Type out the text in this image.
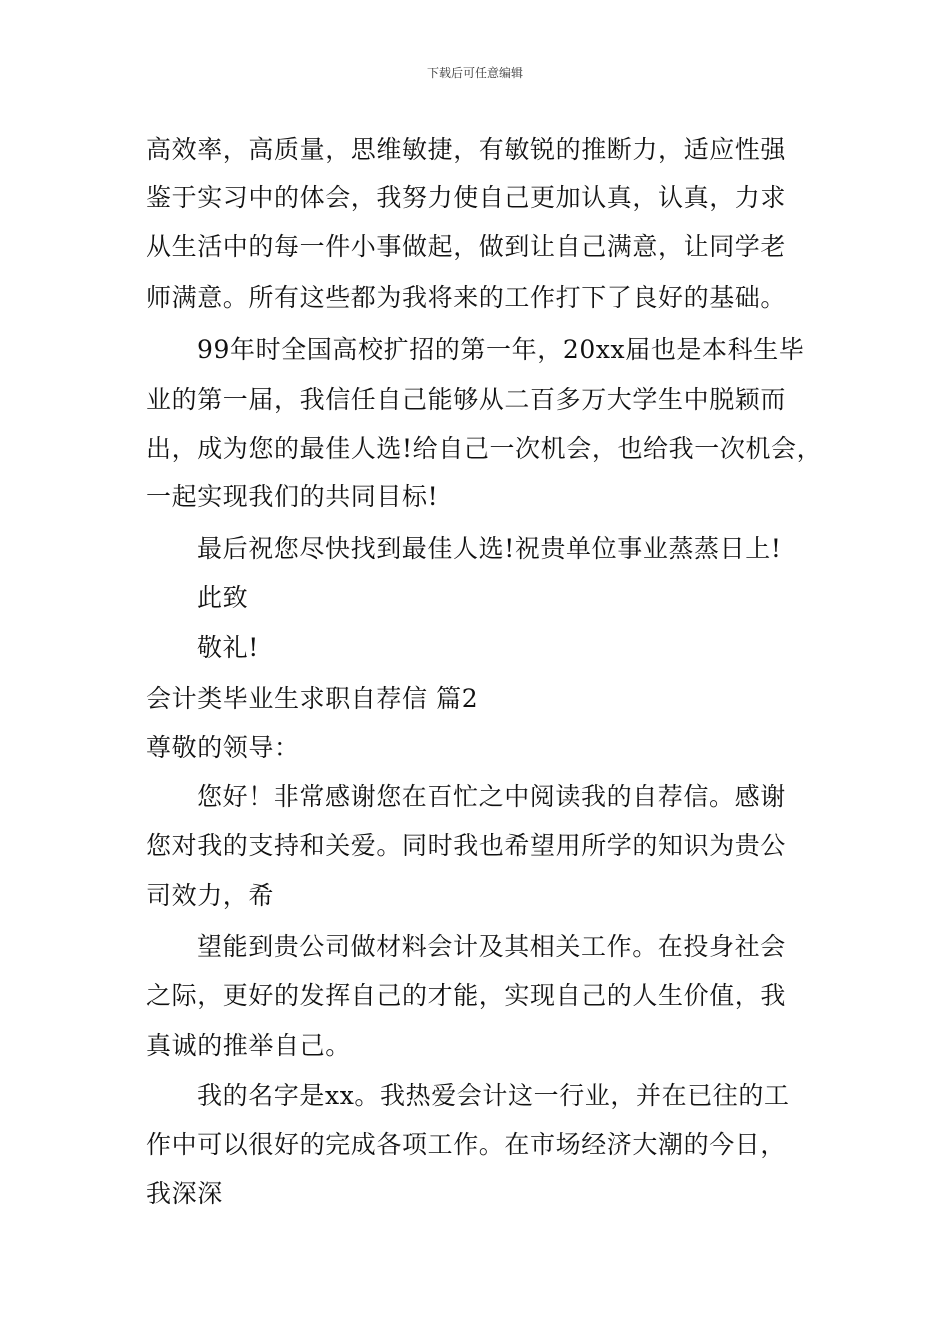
下载后可任意编辑
高效率，高质量，思维敏捷，有敏锐的推断力，适应性强
鉴于实习中的体会，我努力使自己更加认真，认真，力求
从生活中的每一件小事做起，做到让自己满意，让同学老
师满意。所有这些都为我将来的工作打下了良好的基础。
99年时全国高校扩招的第一年，20xx届也是本科生毕
业的第一届，我信任自己能够从二百多万大学生中脱颖而
出，成为您的最佳人选!给自己一次机会，也给我一次机会，
一起实现我们的共同目标!
最后祝您尽快找到最佳人选!祝贵单位事业蒸蒸日上!
此致
敬礼!
会计类毕业生求职自荐信 篇2
尊敬的领导：
您好！非常感谢您在百忙之中阅读我的自荐信。感谢
您对我的支持和关爱。同时我也希望用所学的知识为贵公
司效力，希
望能到贵公司做材料会计及其相关工作。在投身社会
之际，更好的发挥自己的才能，实现自己的人生价值，我
真诚的推举自己。
我的名字是xx。我热爱会计这一行业，并在已往的工
作中可以很好的完成各项工作。在市场经济大潮的今日，
我深深
